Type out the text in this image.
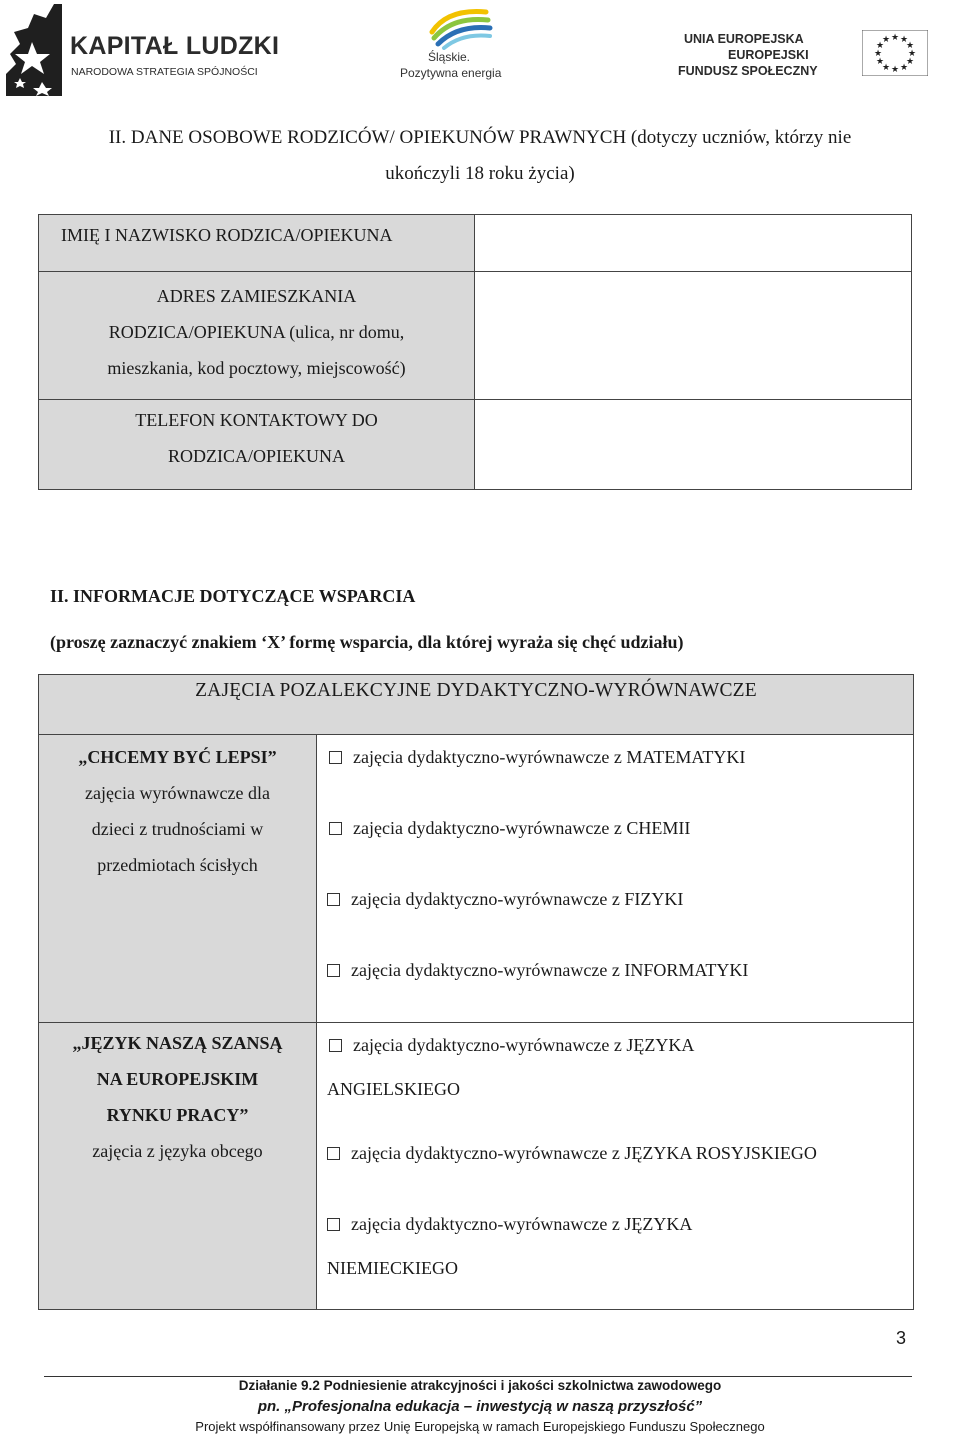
KAPITAŁ LUDZKI
NARODOWA STRATEGIA SPÓJNOŚCI
Śląskie.
Pozytywna energia
UNIA EUROPEJSKA
EUROPEJSKI
FUNDUSZ SPOŁECZNY
★ ★
★
★
★
★
★
★
★
★
★
★
II. DANE OSOBOWE RODZICÓW/ OPIEKUNÓW PRAWNYCH (dotyczy uczniów, którzy nie
ukończyli 18 roku życia)
IMIĘ I NAZWISKO RODZICA/OPIEKUNA
ADRES ZAMIESZKANIA
RODZICA/OPIEKUNA (ulica, nr domu,
mieszkania, kod pocztowy, miejscowość)
TELEFON KONTAKTOWY DO
RODZICA/OPIEKUNA
II. INFORMACJE DOTYCZĄCE WSPARCIA
(proszę zaznaczyć znakiem ‘X’ formę wsparcia, dla której wyraża się chęć udziału)
ZAJĘCIA POZALEKCYJNE DYDAKTYCZNO-WYRÓWNAWCZE
„CHCEMY BYĆ LEPSI”
zajęcia wyrównawcze dla
dzieci z trudnościami w
przedmiotach ścisłych
zajęcia dydaktyczno-wyrównawcze z MATEMATYKI
zajęcia dydaktyczno-wyrównawcze z CHEMII
zajęcia dydaktyczno-wyrównawcze z FIZYKI
zajęcia dydaktyczno-wyrównawcze z INFORMATYKI
„JĘZYK NASZĄ SZANSĄ
NA EUROPEJSKIM
RYNKU PRACY”
zajęcia z języka obcego
zajęcia dydaktyczno-wyrównawcze z JĘZYKA
ANGIELSKIEGO
zajęcia dydaktyczno-wyrównawcze z JĘZYKA ROSYJSKIEGO
zajęcia dydaktyczno-wyrównawcze z JĘZYKA
NIEMIECKIEGO
3
Działanie 9.2 Podniesienie atrakcyjności i jakości szkolnictwa zawodowego
pn. „Profesjonalna edukacja – inwestycją w naszą przyszłość”
Projekt współfinansowany przez Unię Europejską w ramach Europejskiego Funduszu Społecznego
